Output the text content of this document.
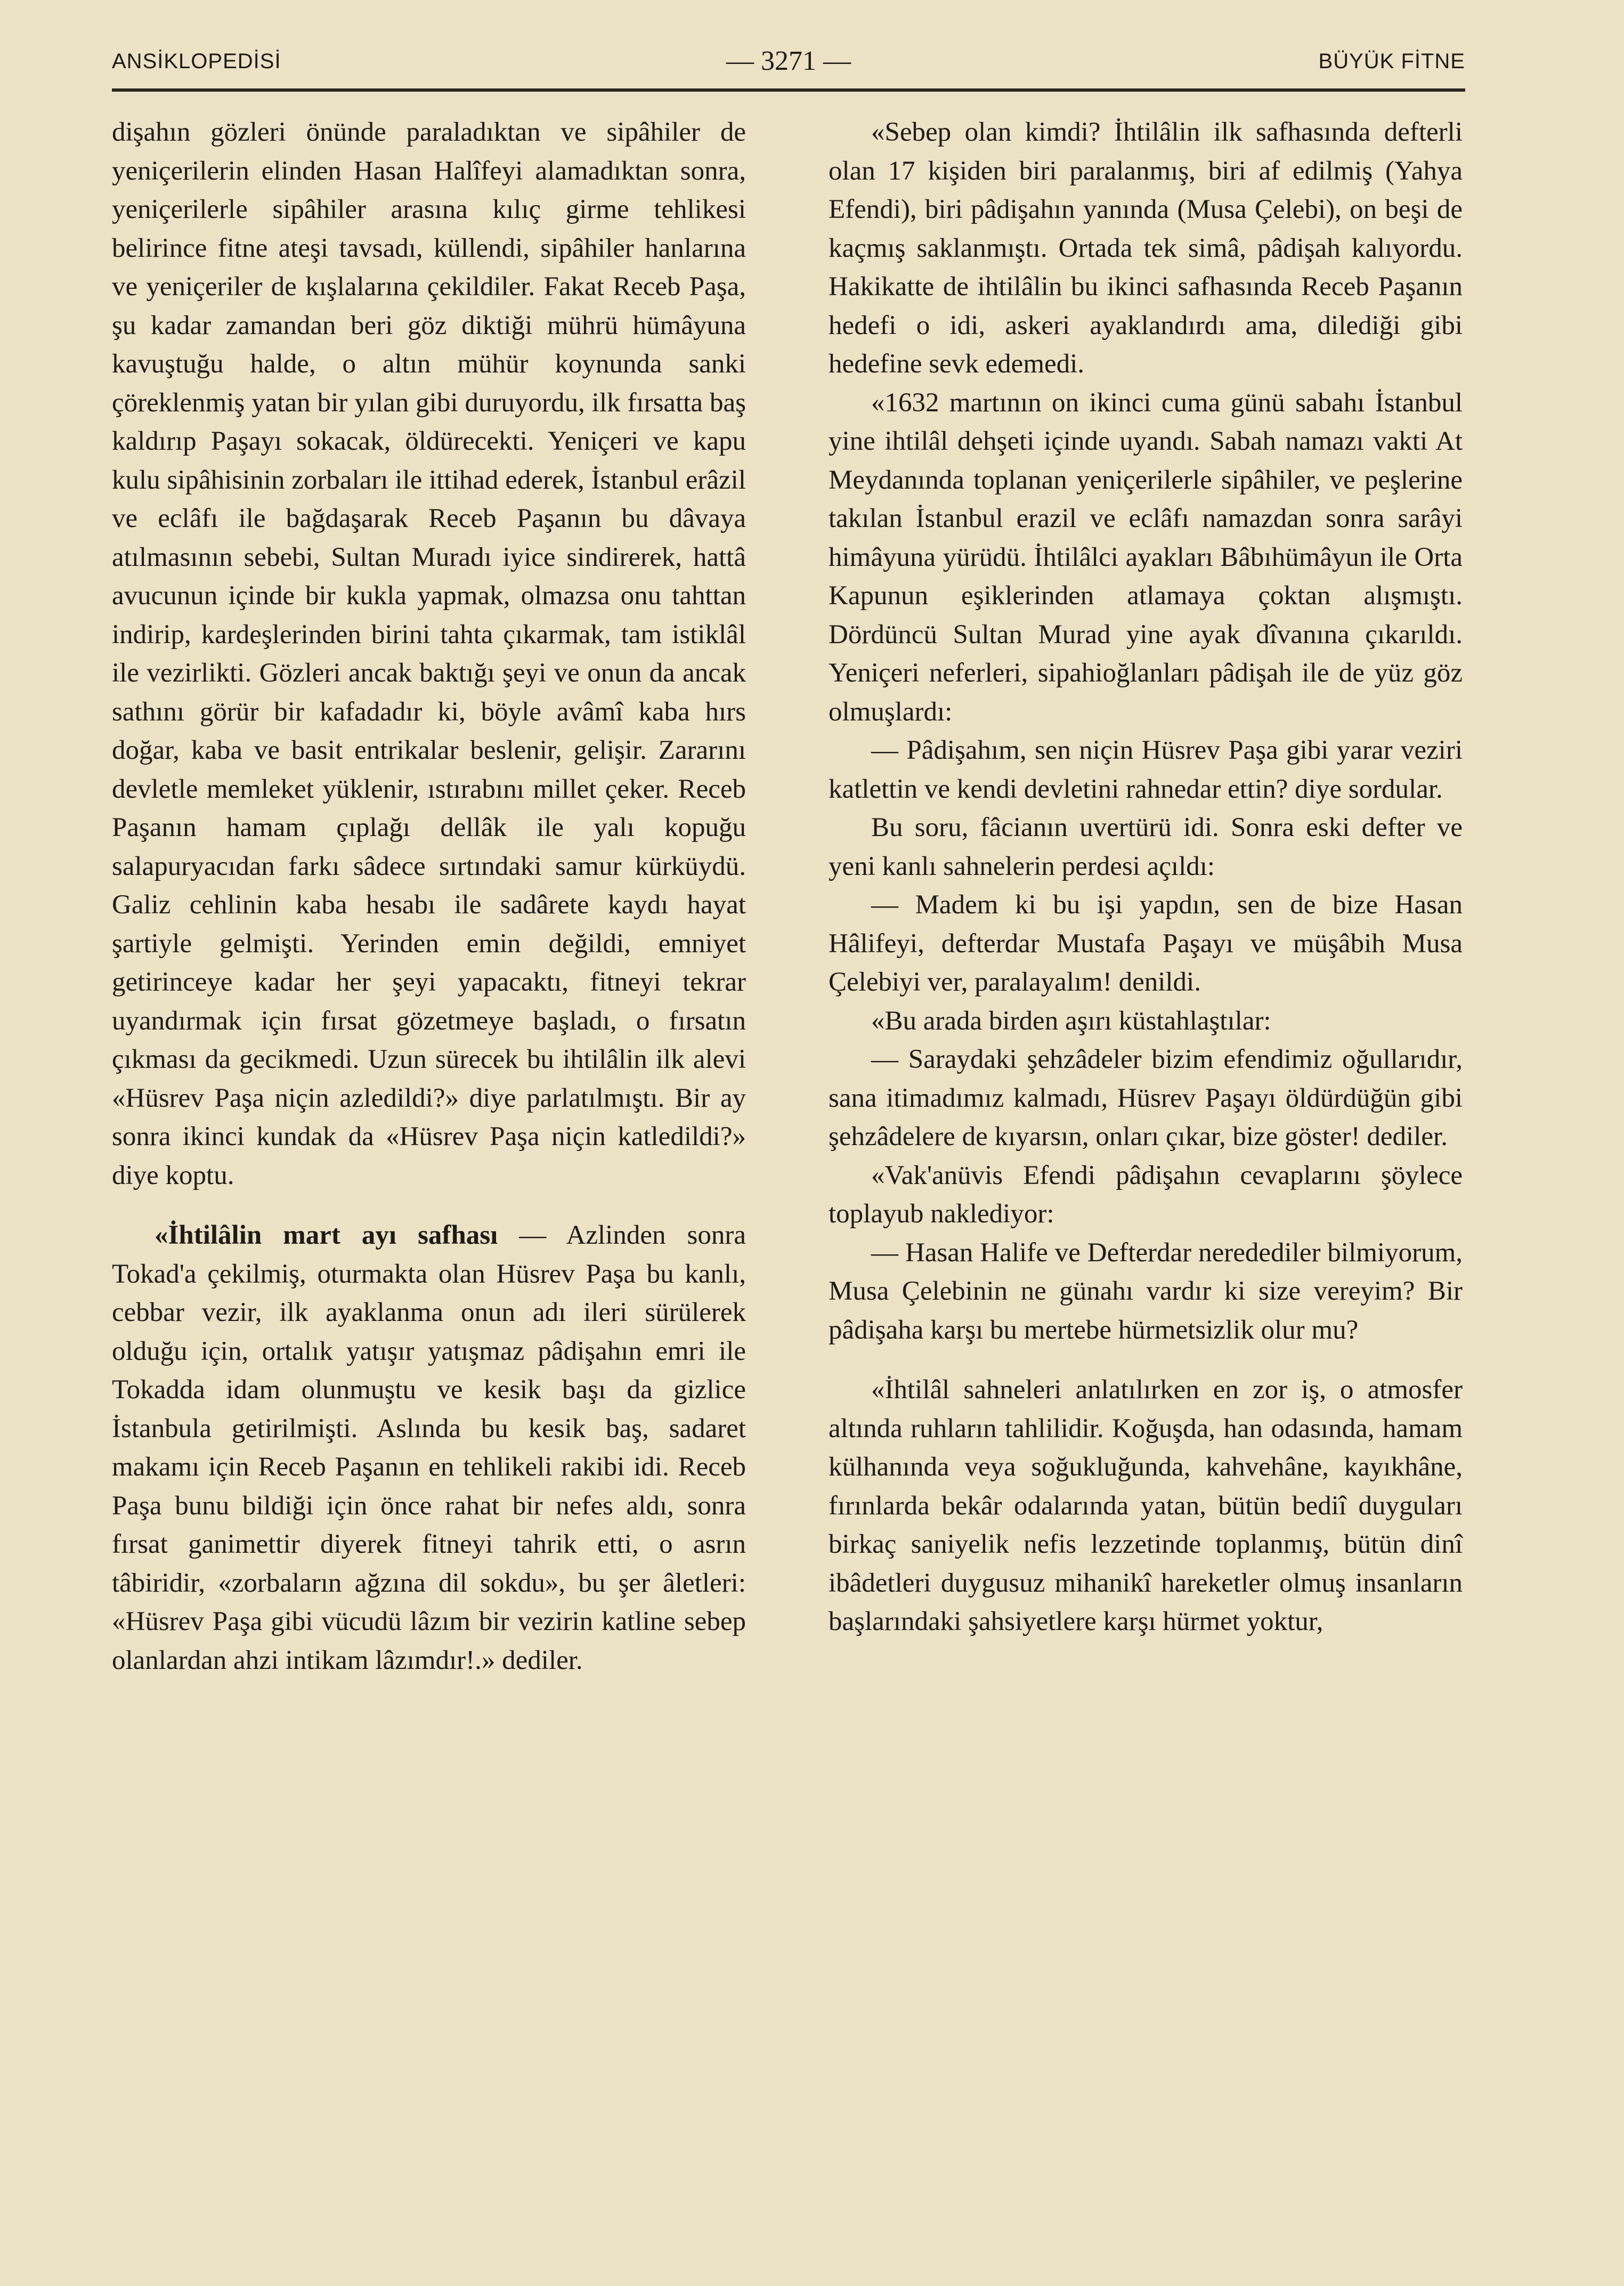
ANSİKLOPEDİSİ	— 3271 —	BÜYÜK FİTNE

dişahın gözleri önünde paraladıktan ve sipâhiler de yeniçerilerin elinden Hasan Halîfeyi alamadıktan sonra, yeniçerilerle sipâhiler arasına kılıç girme tehlikesi belirince fitne ateşi tavsadı, küllendi, sipâhiler hanlarına ve yeniçeriler de kışlalarına çekildiler. Fakat Receb Paşa, şu kadar zamandan beri göz diktiği mührü hümâyuna kavuştuğu halde, o altın mühür koynunda sanki çöreklenmiş yatan bir yılan gibi duruyordu, ilk fırsatta baş kaldırıp Paşayı sokacak, öldürecekti. Yeniçeri ve kapu kulu sipâhisinin zorbaları ile ittihad ederek, İstanbul erâzil ve eclâfı ile bağdaşarak Receb Paşanın bu dâvaya atılmasının sebebi, Sultan Muradı iyice sindirerek, hattâ avucunun içinde bir kukla yapmak, olmazsa onu tahttan indirip, kardeşlerinden birini tahta çıkarmak, tam istiklâl ile vezirlikti. Gözleri ancak baktığı şeyi ve onun da ancak sathını görür bir kafadadır ki, böyle avâmî kaba hırs doğar, kaba ve basit entrikalar beslenir, gelişir. Zararını devletle memleket yüklenir, ıstırabını millet çeker. Receb Paşanın hamam çıplağı dellâk ile yalı kopuğu salapuryacıdan farkı sâdece sırtındaki samur kürküydü. Galiz cehlinin kaba hesabı ile sadârete kaydı hayat şartiyle gelmişti. Yerinden emin değildi, emniyet getirinceye kadar her şeyi yapacaktı, fitneyi tekrar uyandırmak için fırsat gözetmeye başladı, o fırsatın çıkması da gecikmedi. Uzun sürecek bu ihtilâlin ilk alevi «Hüsrev Paşa niçin azledildi?» diye parlatılmıştı. Bir ay sonra ikinci kundak da «Hüsrev Paşa niçin katledildi?» diye koptu.

«İhtilâlin mart ayı safhası — Azlinden sonra Tokad'a çekilmiş, oturmakta olan Hüsrev Paşa bu kanlı, cebbar vezir, ilk ayaklanma onun adı ileri sürülerek olduğu için, ortalık yatışır yatışmaz pâdişahın emri ile Tokadda idam olunmuştu ve kesik başı da gizlice İstanbula getirilmişti. Aslında bu kesik baş, sadaret makamı için Receb Paşanın en tehlikeli rakibi idi. Receb Paşa bunu bildiği için önce rahat bir nefes aldı, sonra fırsat ganimettir diyerek fitneyi tahrik etti, o asrın tâbiridir, «zorbaların ağzına dil sokdu», bu şer âletleri: «Hüsrev Paşa gibi vücudü lâzım bir vezirin katline sebep olanlardan ahzi intikam lâzımdır!.» dediler.

«Sebep olan kimdi? İhtilâlin ilk safhasında defterli olan 17 kişiden biri paralanmış, biri af edilmiş (Yahya Efendi), biri pâdişahın yanında (Musa Çelebi), on beşi de kaçmış saklanmıştı. Ortada tek simâ, pâdişah kalıyordu. Hakikatte de ihtilâlin bu ikinci safhasında Receb Paşanın hedefi o idi, askeri ayaklandırdı ama, dilediği gibi hedefine sevk edemedi.

«1632 martının on ikinci cuma günü sabahı İstanbul yine ihtilâl dehşeti içinde uyandı. Sabah namazı vakti At Meydanında toplanan yeniçerilerle sipâhiler, ve peşlerine takılan İstanbul erazil ve eclâfı namazdan sonra sarâyi himâyuna yürüdü. İhtilâlci ayakları Bâbıhümâyun ile Orta Kapunun eşiklerinden atlamaya çoktan alışmıştı. Dördüncü Sultan Murad yine ayak dîvanına çıkarıldı. Yeniçeri neferleri, sipahioğlanları pâdişah ile de yüz göz olmuşlardı:

— Pâdişahım, sen niçin Hüsrev Paşa gibi yarar veziri katlettin ve kendi devletini rahnedar ettin? diye sordular.

Bu soru, fâcianın uvertürü idi. Sonra eski defter ve yeni kanlı sahnelerin perdesi açıldı:

— Madem ki bu işi yapdın, sen de bize Hasan Hâlifeyi, defterdar Mustafa Paşayı ve müşâbih Musa Çelebiyi ver, paralayalım! denildi.

«Bu arada birden aşırı küstahlaştılar:

— Saraydaki şehzâdeler bizim efendimiz oğullarıdır, sana itimadımız kalmadı, Hüsrev Paşayı öldürdüğün gibi şehzâdelere de kıyarsın, onları çıkar, bize göster! dediler.

«Vak'anüvis Efendi pâdişahın cevaplarını şöylece toplayub naklediyor:

— Hasan Halife ve Defterdar neredediler bilmiyorum, Musa Çelebinin ne günahı vardır ki size vereyim? Bir pâdişaha karşı bu mertebe hürmetsizlik olur mu?

«İhtilâl sahneleri anlatılırken en zor iş, o atmosfer altında ruhların tahlilidir. Koğuşda, han odasında, hamam külhanında veya soğukluğunda, kahvehâne, kayıkhâne, fırınlarda bekâr odalarında yatan, bütün bediî duyguları birkaç saniyelik nefis lezzetinde toplanmış, bütün dinî ibâdetleri duygusuz mihanikî hareketler olmuş insanların başlarındaki şahsiyetlere karşı hürmet yoktur,
